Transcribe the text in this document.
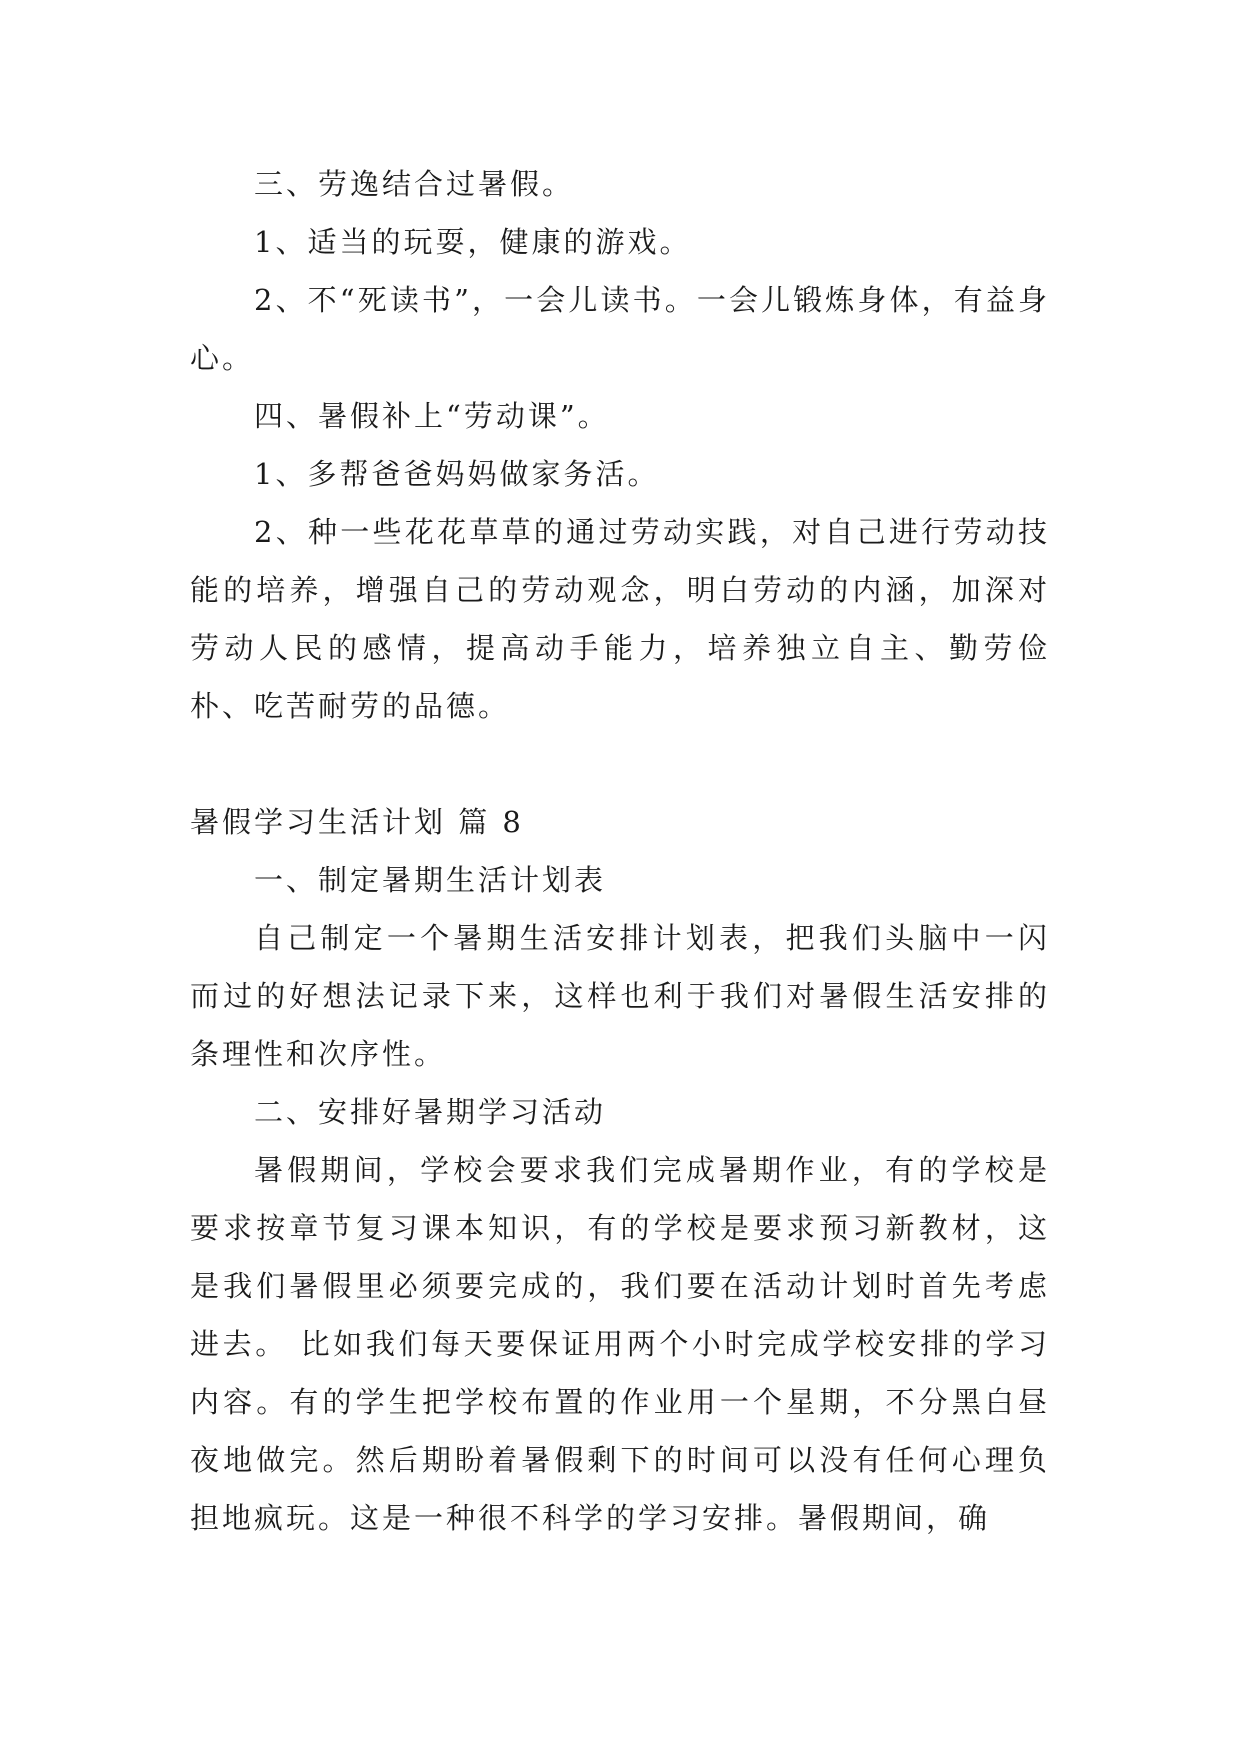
三、劳逸结合过暑假。

1、适当的玩耍，健康的游戏。

2、不“死读书”，一会儿读书。一会儿锻炼身体，有益身心。

四、暑假补上“劳动课”。

1、多帮爸爸妈妈做家务活。

2、种一些花花草草的通过劳动实践，对自己进行劳动技能的培养，增强自己的劳动观念，明白劳动的内涵，加深对劳动人民的感情，提高动手能力，培养独立自主、勤劳俭朴、吃苦耐劳的品德。

暑假学习生活计划 篇 8

一、制定暑期生活计划表

自己制定一个暑期生活安排计划表，把我们头脑中一闪而过的好想法记录下来，这样也利于我们对暑假生活安排的条理性和次序性。

二、安排好暑期学习活动

暑假期间，学校会要求我们完成暑期作业，有的学校是要求按章节复习课本知识，有的学校是要求预习新教材，这是我们暑假里必须要完成的，我们要在活动计划时首先考虑进去。 比如我们每天要保证用两个小时完成学校安排的学习内容。有的学生把学校布置的作业用一个星期，不分黑白昼夜地做完。然后期盼着暑假剩下的时间可以没有任何心理负担地疯玩。这是一种很不科学的学习安排。暑假期间，确
